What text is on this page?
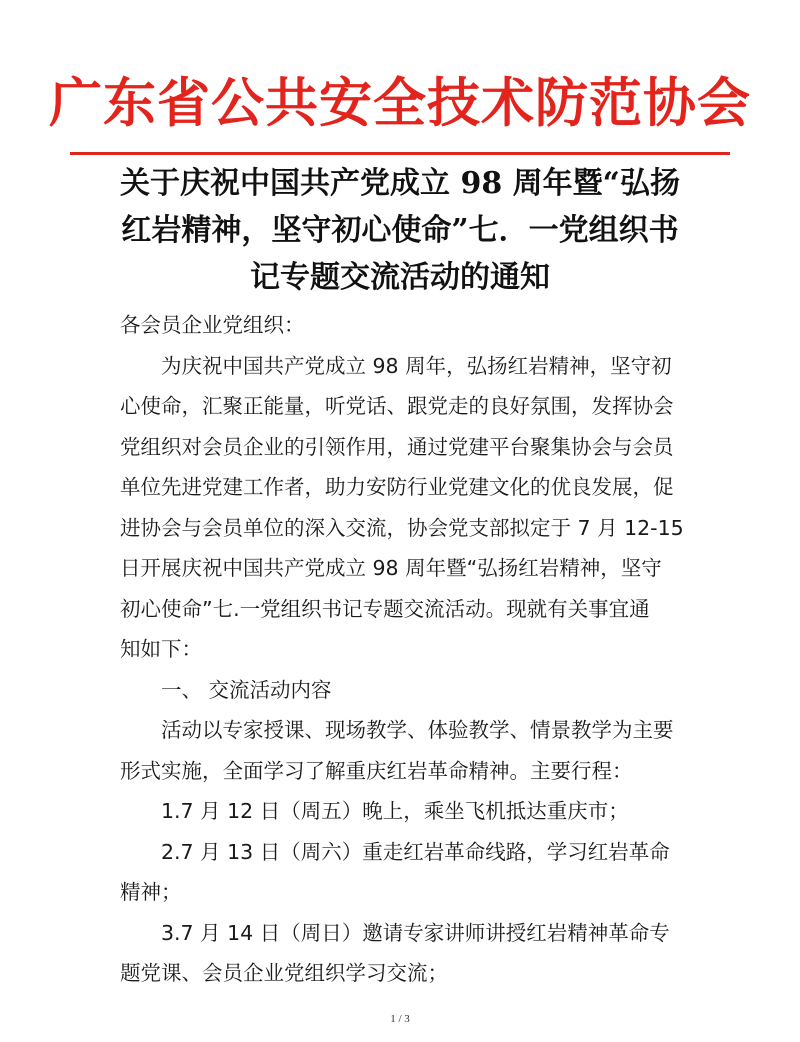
广东省公共安全技术防范协会
关于庆祝中国共产党成立 98 周年暨“弘扬
红岩精神，坚守初心使命”七．一党组织书
记专题交流活动的通知

各会员企业党组织：

为庆祝中国共产党成立 98 周年，弘扬红岩精神，坚守初

心使命，汇聚正能量，听党话、跟党走的良好氛围，发挥协会

党组织对会员企业的引领作用，通过党建平台聚集协会与会员

单位先进党建工作者，助力安防行业党建文化的优良发展，促

进协会与会员单位的深入交流，协会党支部拟定于 7 月 12-15

日开展庆祝中国共产党成立 98 周年暨“弘扬红岩精神，坚守

初心使命”七.一党组织书记专题交流活动。现就有关事宜通

知如下：

一、 交流活动内容

活动以专家授课、现场教学、体验教学、情景教学为主要

形式实施，全面学习了解重庆红岩革命精神。主要行程：

1.7 月 12 日（周五）晚上，乘坐飞机抵达重庆市；

2.7 月 13 日（周六）重走红岩革命线路，学习红岩革命

精神；

3.7 月 14 日（周日）邀请专家讲师讲授红岩精神革命专

题党课、会员企业党组织学习交流；

1 / 3
